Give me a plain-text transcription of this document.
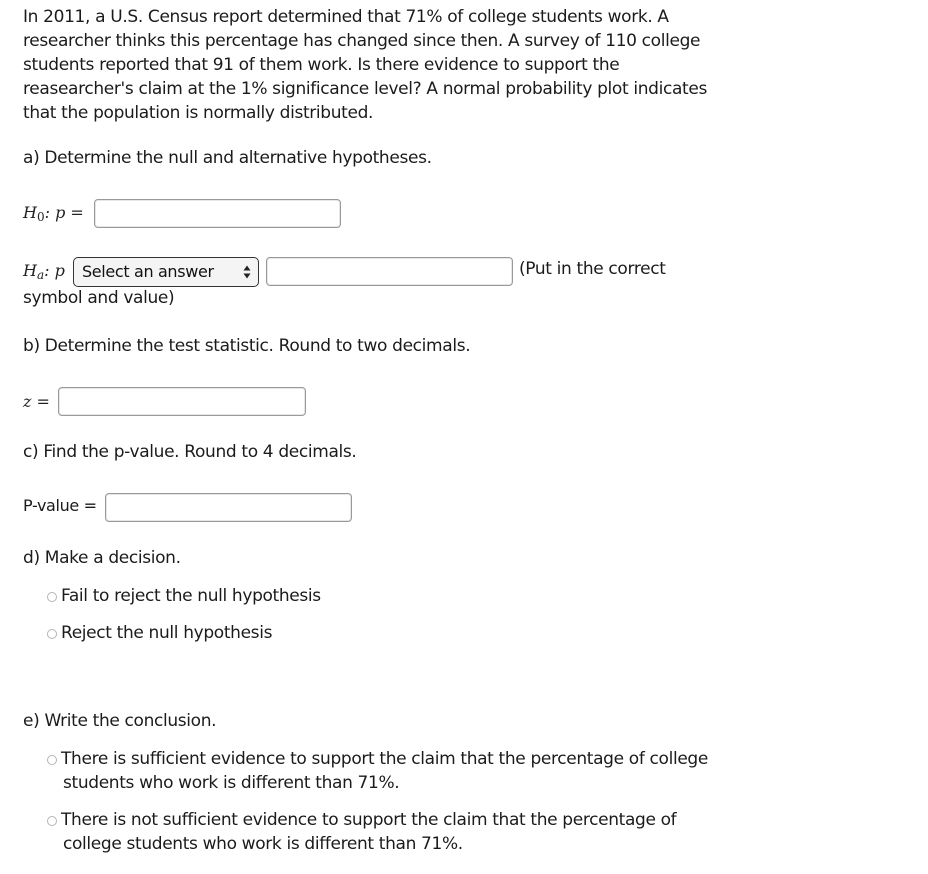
In 2011, a U.S. Census report determined that 71% of college students work. A
researcher thinks this percentage has changed since then. A survey of 110 college
students reported that 91 of them work. Is there evidence to support the
reasearcher's claim at the 1% significance level? A normal probability plot indicates
that the population is normally distributed.
a) Determine the null and alternative hypotheses.
H0: p =
Ha: p	Select an answer	(Put in the correct
symbol and value)
b) Determine the test statistic. Round to two decimals.
z =
c) Find the p-value. Round to 4 decimals.
P-value =
d) Make a decision.
Fail to reject the null hypothesis
Reject the null hypothesis
e) Write the conclusion.
There is sufficient evidence to support the claim that the percentage of college
students who work is different than 71%.
There is not sufficient evidence to support the claim that the percentage of
college students who work is different than 71%.
